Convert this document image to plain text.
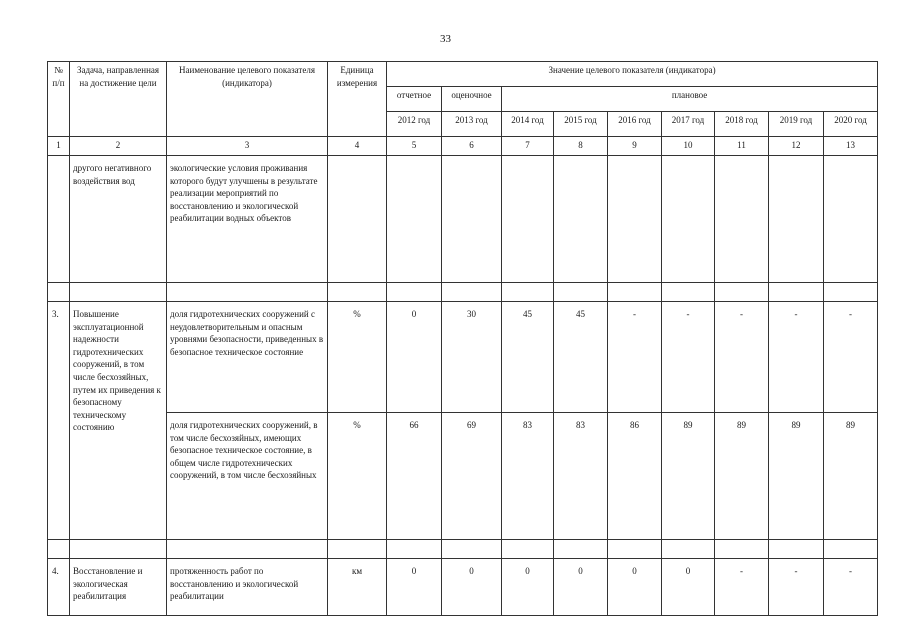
33
№ п/п	Задача, направленная на достижение цели	Наименование целевого показателя (индикатора)	Единица измерения	Значение целевого показателя (индикатора)								
				отчетное	оценочное	плановое						
				2012 год	2013 год	2014 год	2015 год	2016 год	2017 год	2018 год	2019 год	2020 год
1	2	3	4	5	6	7	8	9	10	11	12	13
	другого негативного воздействия вод	экологические условия проживания которого будут улучшены в результате реализации мероприятий по восстановлению и экологической реабилитации водных объектов										

3.	Повышение эксплуатационной надежности гидротехнических сооружений, в том числе бесхозяйных, путем их приведения к безопасному техническому состоянию	доля гидротехнических сооружений с неудовлетворительным и опасным уровнями безопасности, приведенных в безопасное техническое состояние	%	0	30	45	45	-	-	-	-	-
		доля гидротехнических сооружений, в том числе бесхозяйных, имеющих безопасное техническое состояние, в общем числе гидротехнических сооружений, в том числе бесхозяйных	%	66	69	83	83	86	89	89	89	89

4.	Восстановление и экологическая реабилитация	протяженность работ по восстановлению и экологической реабилитации	км	0	0	0	0	0	0	-	-	-
